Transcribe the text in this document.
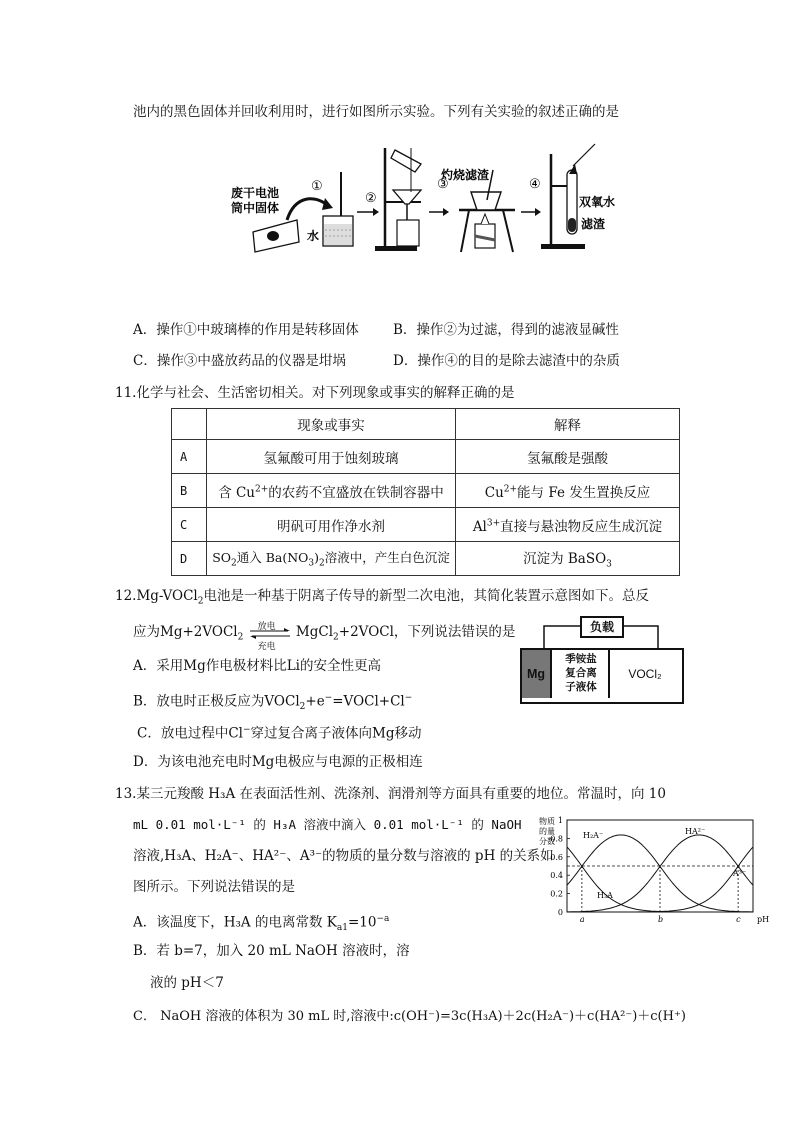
池内的黑色固体并回收利用时，进行如图所示实验。下列有关实验的叙述正确的是
废干电池
筒中固体
①
水
②
③
灼烧滤渣
④
双氧水
滤渣
A．操作①中玻璃棒的作用是转移固体	B．操作②为过滤，得到的滤液显碱性
C．操作③中盛放药品的仪器是坩埚	D．操作④的目的是除去滤渣中的杂质
11.化学与社会、生活密切相关。对下列现象或事实的解释正确的是
	现象或事实	解释
A	氢氟酸可用于蚀刻玻璃	氢氟酸是强酸
B	含 $Cu^{2+}$的农药不宜盛放在铁制容器中	$Cu^{2+}$能与 Fe 发生置换反应
C	明矾可用作净水剂	$Al^{3+}$直接与悬浊物反应生成沉淀
D	$SO_2$通入 $Ba(NO_3)_2$溶液中，产生白色沉淀	沉淀为 BaSO$_3$
12.Mg-VOCl$_2$电池是一种基于阴离子传导的新型二次电池，其简化装置示意图如下。总反
应为Mg+2VOCl$_2$
放电
充电
MgCl$_2$+2VOCl，下列说法错误的是
A．采用Mg作电极材料比Li的安全性更高
B．放电时正极反应为VOCl$_2$+e−=VOCl+Cl−
C．放电过程中Cl−穿过复合离子液体向Mg移动
D．为该电池充电时Mg电极应与电源的正极相连
负载
Mg
季铵盐
复合离
子液体
VOCl₂
13.某三元羧酸 H₃A 在表面活性剂、洗涤剂、润滑剂等方面具有重要的地位。常温时，向 10
mL 0.01 mol·L⁻¹ 的 H₃A 溶液中滴入 0.01 mol·L⁻¹ 的 NaOH
溶液,H₃A、H₂A⁻、HA²⁻、A³⁻的物质的量分数与溶液的 pH 的关系如
图所示。下列说法错误的是
A．该温度下，H₃A 的电离常数 $K_{a1}=10^{-a}$
B．若 b=7，加入 20 mL NaOH 溶液时，溶
液的 pH＜7
C． NaOH 溶液的体积为 30 mL 时,溶液中:c(OH⁻)=3c(H₃A)＋2c(H₂A⁻)＋c(HA²⁻)＋c(H⁺)
物质
的量
分数
0
0.2
0.4
0.6
0.8
1
a	b	c pH
H₃A
H₂A⁻	HA²⁻
A³⁻
